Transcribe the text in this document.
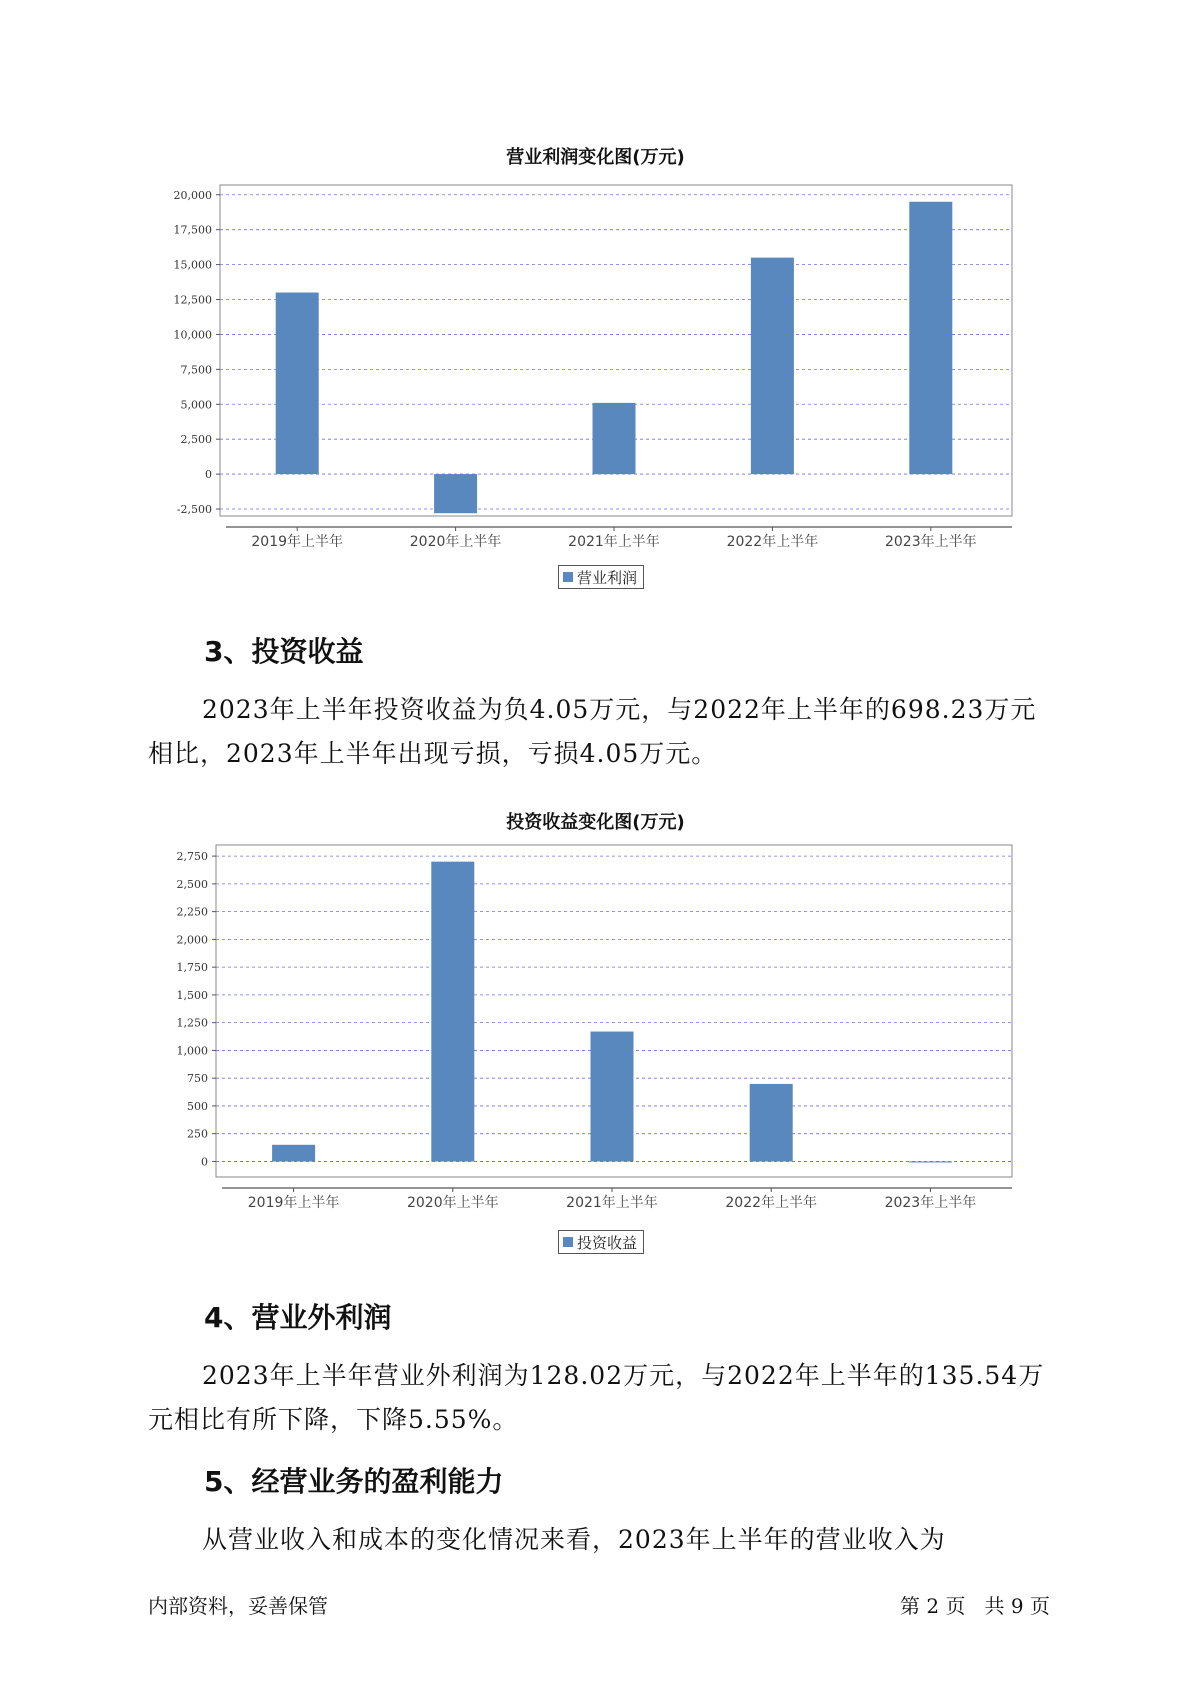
营业利润变化图(万元)
-2,500
0
2,500
5,000
7,500
10,000
12,500
15,000
17,500
20,000
2019年上半年	2020年上半年	2021年上半年	2022年上半年	2023年上半年
营业利润
3、投资收益

2023年上半年投资收益为负4.05万元，与2022年上半年的698.23万元相比，2023年上半年出现亏损，亏损4.05万元。

投资收益变化图(万元)
0
250
500
750
1,000
1,250
1,500
1,750
2,000
2,250
2,500
2,750
2019年上半年	2020年上半年	2021年上半年	2022年上半年	2023年上半年
投资收益
4、营业外利润

2023年上半年营业外利润为128.02万元，与2022年上半年的135.54万元相比有所下降，下降5.55%。

5、经营业务的盈利能力

从营业收入和成本的变化情况来看，2023年上半年的营业收入为

内部资料，妥善保管	第 2 页   共 9 页
